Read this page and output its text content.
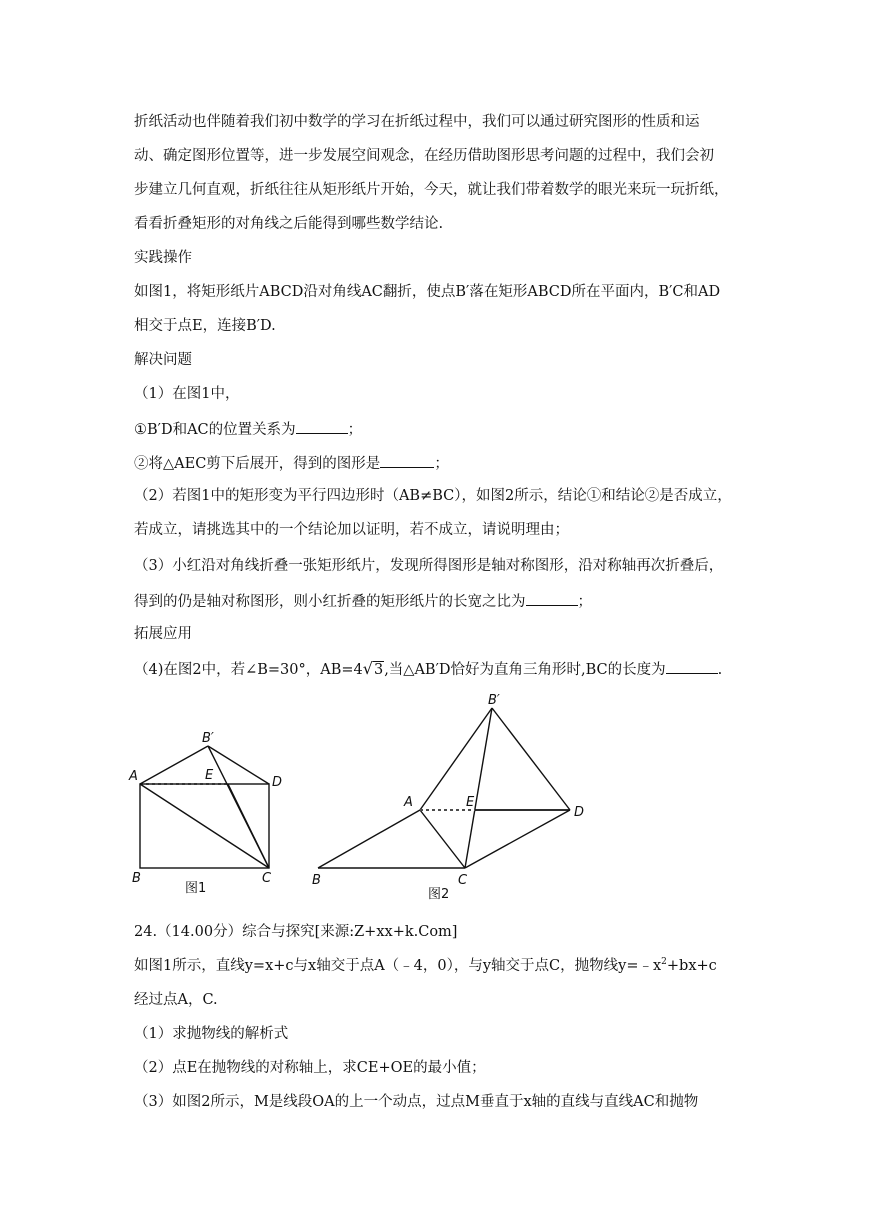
折纸活动也伴随着我们初中数学的学习在折纸过程中，我们可以通过研究图形的性质和运
动、确定图形位置等，进一步发展空间观念，在经历借助图形思考问题的过程中，我们会初
步建立几何直观，折纸往往从矩形纸片开始，今天，就让我们带着数学的眼光来玩一玩折纸，
看看折叠矩形的对角线之后能得到哪些数学结论.
实践操作
如图1，将矩形纸片ABCD沿对角线AC翻折，使点B′落在矩形ABCD所在平面内，B′C和AD
相交于点E，连接B′D.
解决问题
（1）在图1中，
①B′D和AC的位置关系为	；
②将△AEC剪下后展开，得到的图形是	；
（2）若图1中的矩形变为平行四边形时（AB≠BC），如图2所示，结论①和结论②是否成立，
若成立，请挑选其中的一个结论加以证明，若不成立，请说明理由；
（3）小红沿对角线折叠一张矩形纸片，发现所得图形是轴对称图形，沿对称轴再次折叠后，
得到的仍是轴对称图形，则小红折叠的矩形纸片的长宽之比为	；
拓展应用
（4)在图2中，若∠B=30°，AB=4√3,当△AB′D恰好为直角三角形时,BC的长度为	.
B′
A	E	D
B	C
图1
B′
A	E
D
B	C
图2
24.（14.00分）综合与探究[来源:Z+xx+k.Com]
如图1所示，直线y=x+c与x轴交于点A（﹣4，0），与y轴交于点C，抛物线$y=﹣x^2+bx+c$
经过点A，C.
（1）求抛物线的解析式
（2）点E在抛物线的对称轴上，求CE+OE的最小值；
（3）如图2所示，M是线段OA的上一个动点，过点M垂直于x轴的直线与直线AC和抛物
